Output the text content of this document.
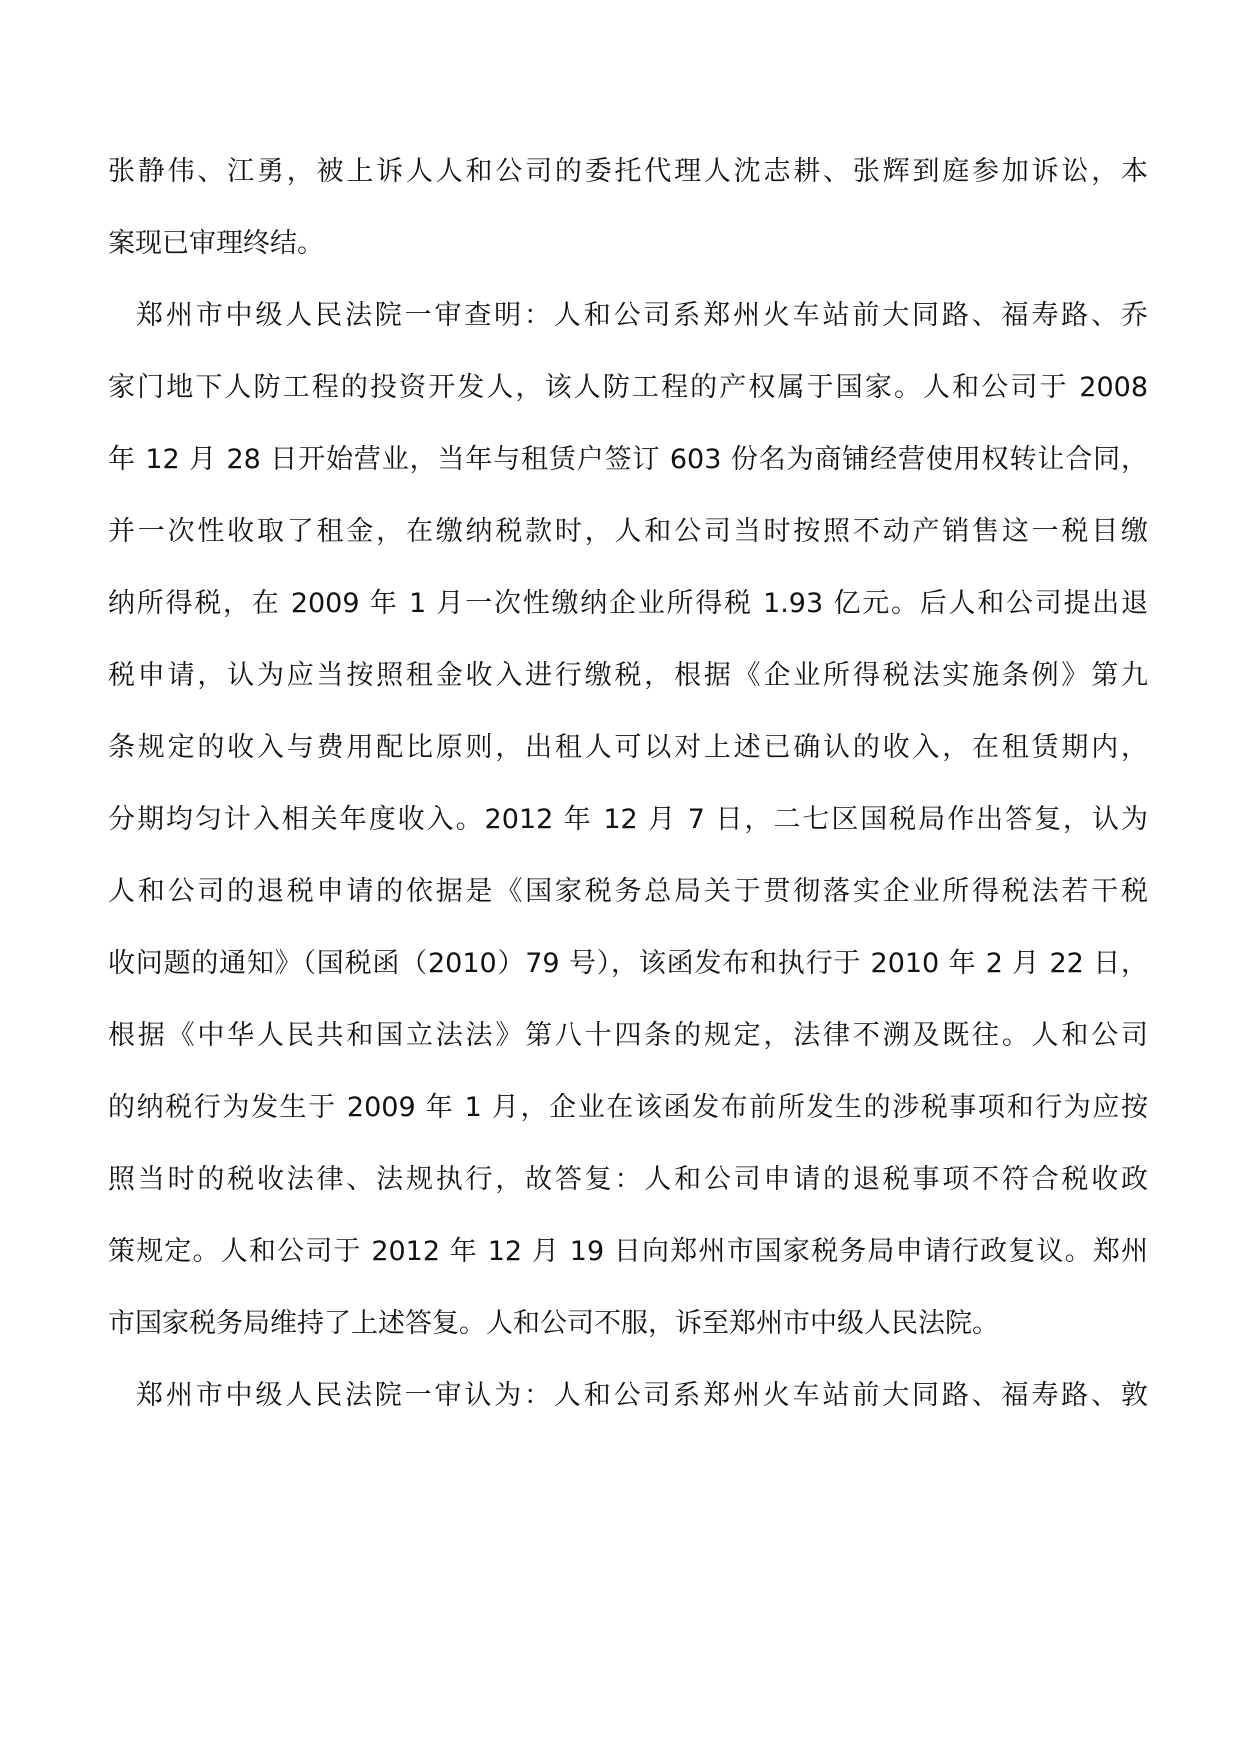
张静伟、江勇，被上诉人人和公司的委托代理人沈志耕、张辉到庭参加诉讼，本
案现已审理终结。
郑州市中级人民法院一审查明：人和公司系郑州火车站前大同路、福寿路、乔
家门地下人防工程的投资开发人，该人防工程的产权属于国家。人和公司于 2008
年 12 月 28 日开始营业，当年与租赁户签订 603 份名为商铺经营使用权转让合同，
并一次性收取了租金，在缴纳税款时，人和公司当时按照不动产销售这一税目缴
纳所得税，在 2009 年 1 月一次性缴纳企业所得税 1.93 亿元。后人和公司提出退
税申请，认为应当按照租金收入进行缴税，根据《企业所得税法实施条例》第九
条规定的收入与费用配比原则，出租人可以对上述已确认的收入，在租赁期内，
分期均匀计入相关年度收入。2012 年 12 月 7 日，二七区国税局作出答复，认为
人和公司的退税申请的依据是《国家税务总局关于贯彻落实企业所得税法若干税
收问题的通知》（国税函（2010）79 号），该函发布和执行于 2010 年 2 月 22 日，
根据《中华人民共和国立法法》第八十四条的规定，法律不溯及既往。人和公司
的纳税行为发生于 2009 年 1 月，企业在该函发布前所发生的涉税事项和行为应按
照当时的税收法律、法规执行，故答复：人和公司申请的退税事项不符合税收政
策规定。人和公司于 2012 年 12 月 19 日向郑州市国家税务局申请行政复议。郑州
市国家税务局维持了上述答复。人和公司不服，诉至郑州市中级人民法院。
郑州市中级人民法院一审认为：人和公司系郑州火车站前大同路、福寿路、敦
